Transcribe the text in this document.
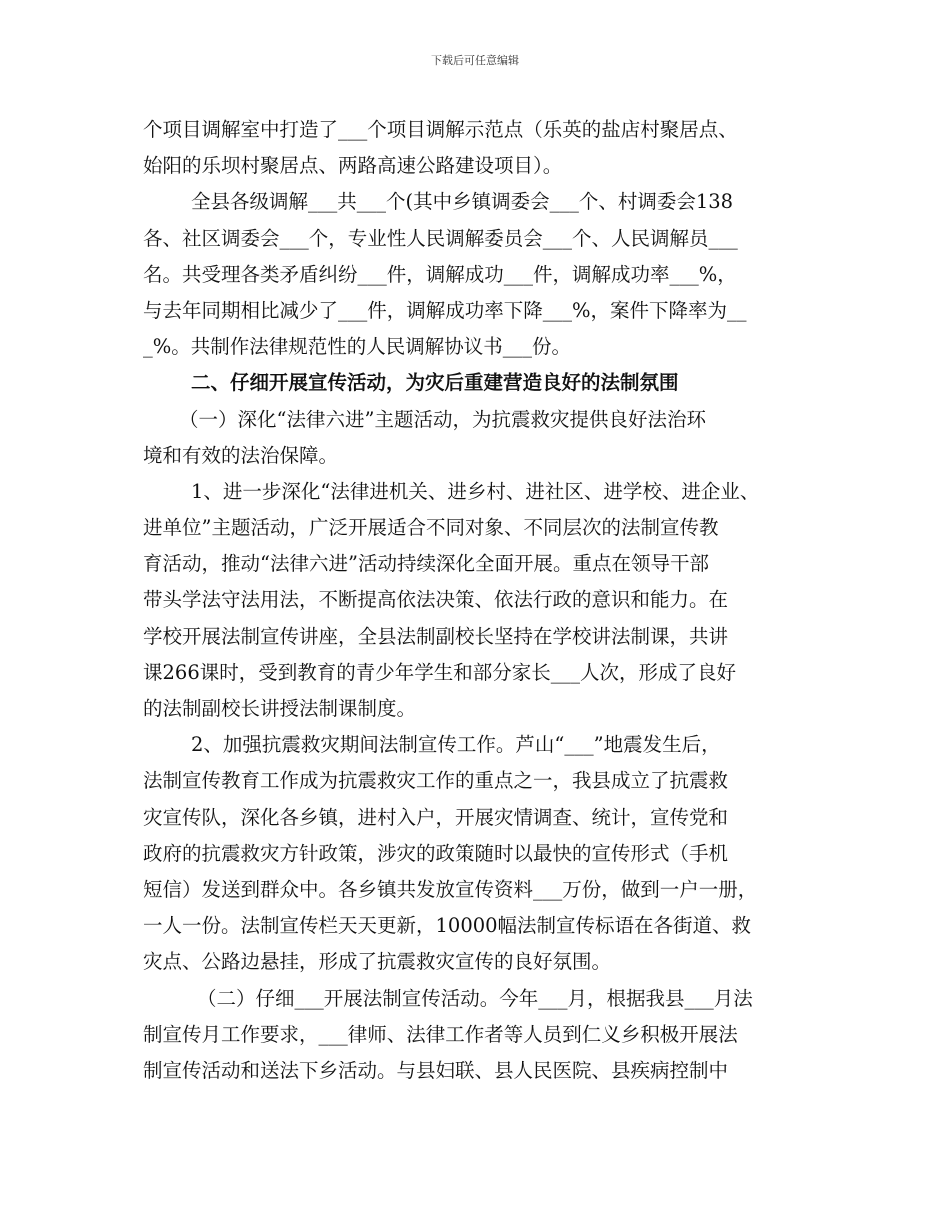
下载后可任意编辑
个项目调解室中打造了___个项目调解示范点（乐英的盐店村聚居点、
始阳的乐坝村聚居点、两路高速公路建设项目）。
全县各级调解___共___个(其中乡镇调委会___个、村调委会138
各、社区调委会___个，专业性人民调解委员会___个、人民调解员___
名。共受理各类矛盾纠纷___件，调解成功___件，调解成功率___%，
与去年同期相比减少了___件，调解成功率下降___%，案件下降率为__
_%。共制作法律规范性的人民调解协议书___份。
二、仔细开展宣传活动，为灾后重建营造良好的法制氛围
（一）深化“法律六进”主题活动，为抗震救灾提供良好法治环
境和有效的法治保障。
1、进一步深化“法律进机关、进乡村、进社区、进学校、进企业、
进单位”主题活动，广泛开展适合不同对象、不同层次的法制宣传教
育活动，推动“法律六进”活动持续深化全面开展。重点在领导干部
带头学法守法用法，不断提高依法决策、依法行政的意识和能力。在
学校开展法制宣传讲座，全县法制副校长坚持在学校讲法制课，共讲
课266课时，受到教育的青少年学生和部分家长___人次，形成了良好
的法制副校长讲授法制课制度。
2、加强抗震救灾期间法制宣传工作。芦山“___”地震发生后，
法制宣传教育工作成为抗震救灾工作的重点之一，我县成立了抗震救
灾宣传队，深化各乡镇，进村入户，开展灾情调查、统计，宣传党和
政府的抗震救灾方针政策，涉灾的政策随时以最快的宣传形式（手机
短信）发送到群众中。各乡镇共发放宣传资料___万份，做到一户一册，
一人一份。法制宣传栏天天更新，10000幅法制宣传标语在各街道、救
灾点、公路边悬挂，形成了抗震救灾宣传的良好氛围。
（二）仔细___开展法制宣传活动。今年___月，根据我县___月法
制宣传月工作要求，___律师、法律工作者等人员到仁义乡积极开展法
制宣传活动和送法下乡活动。与县妇联、县人民医院、县疾病控制中
